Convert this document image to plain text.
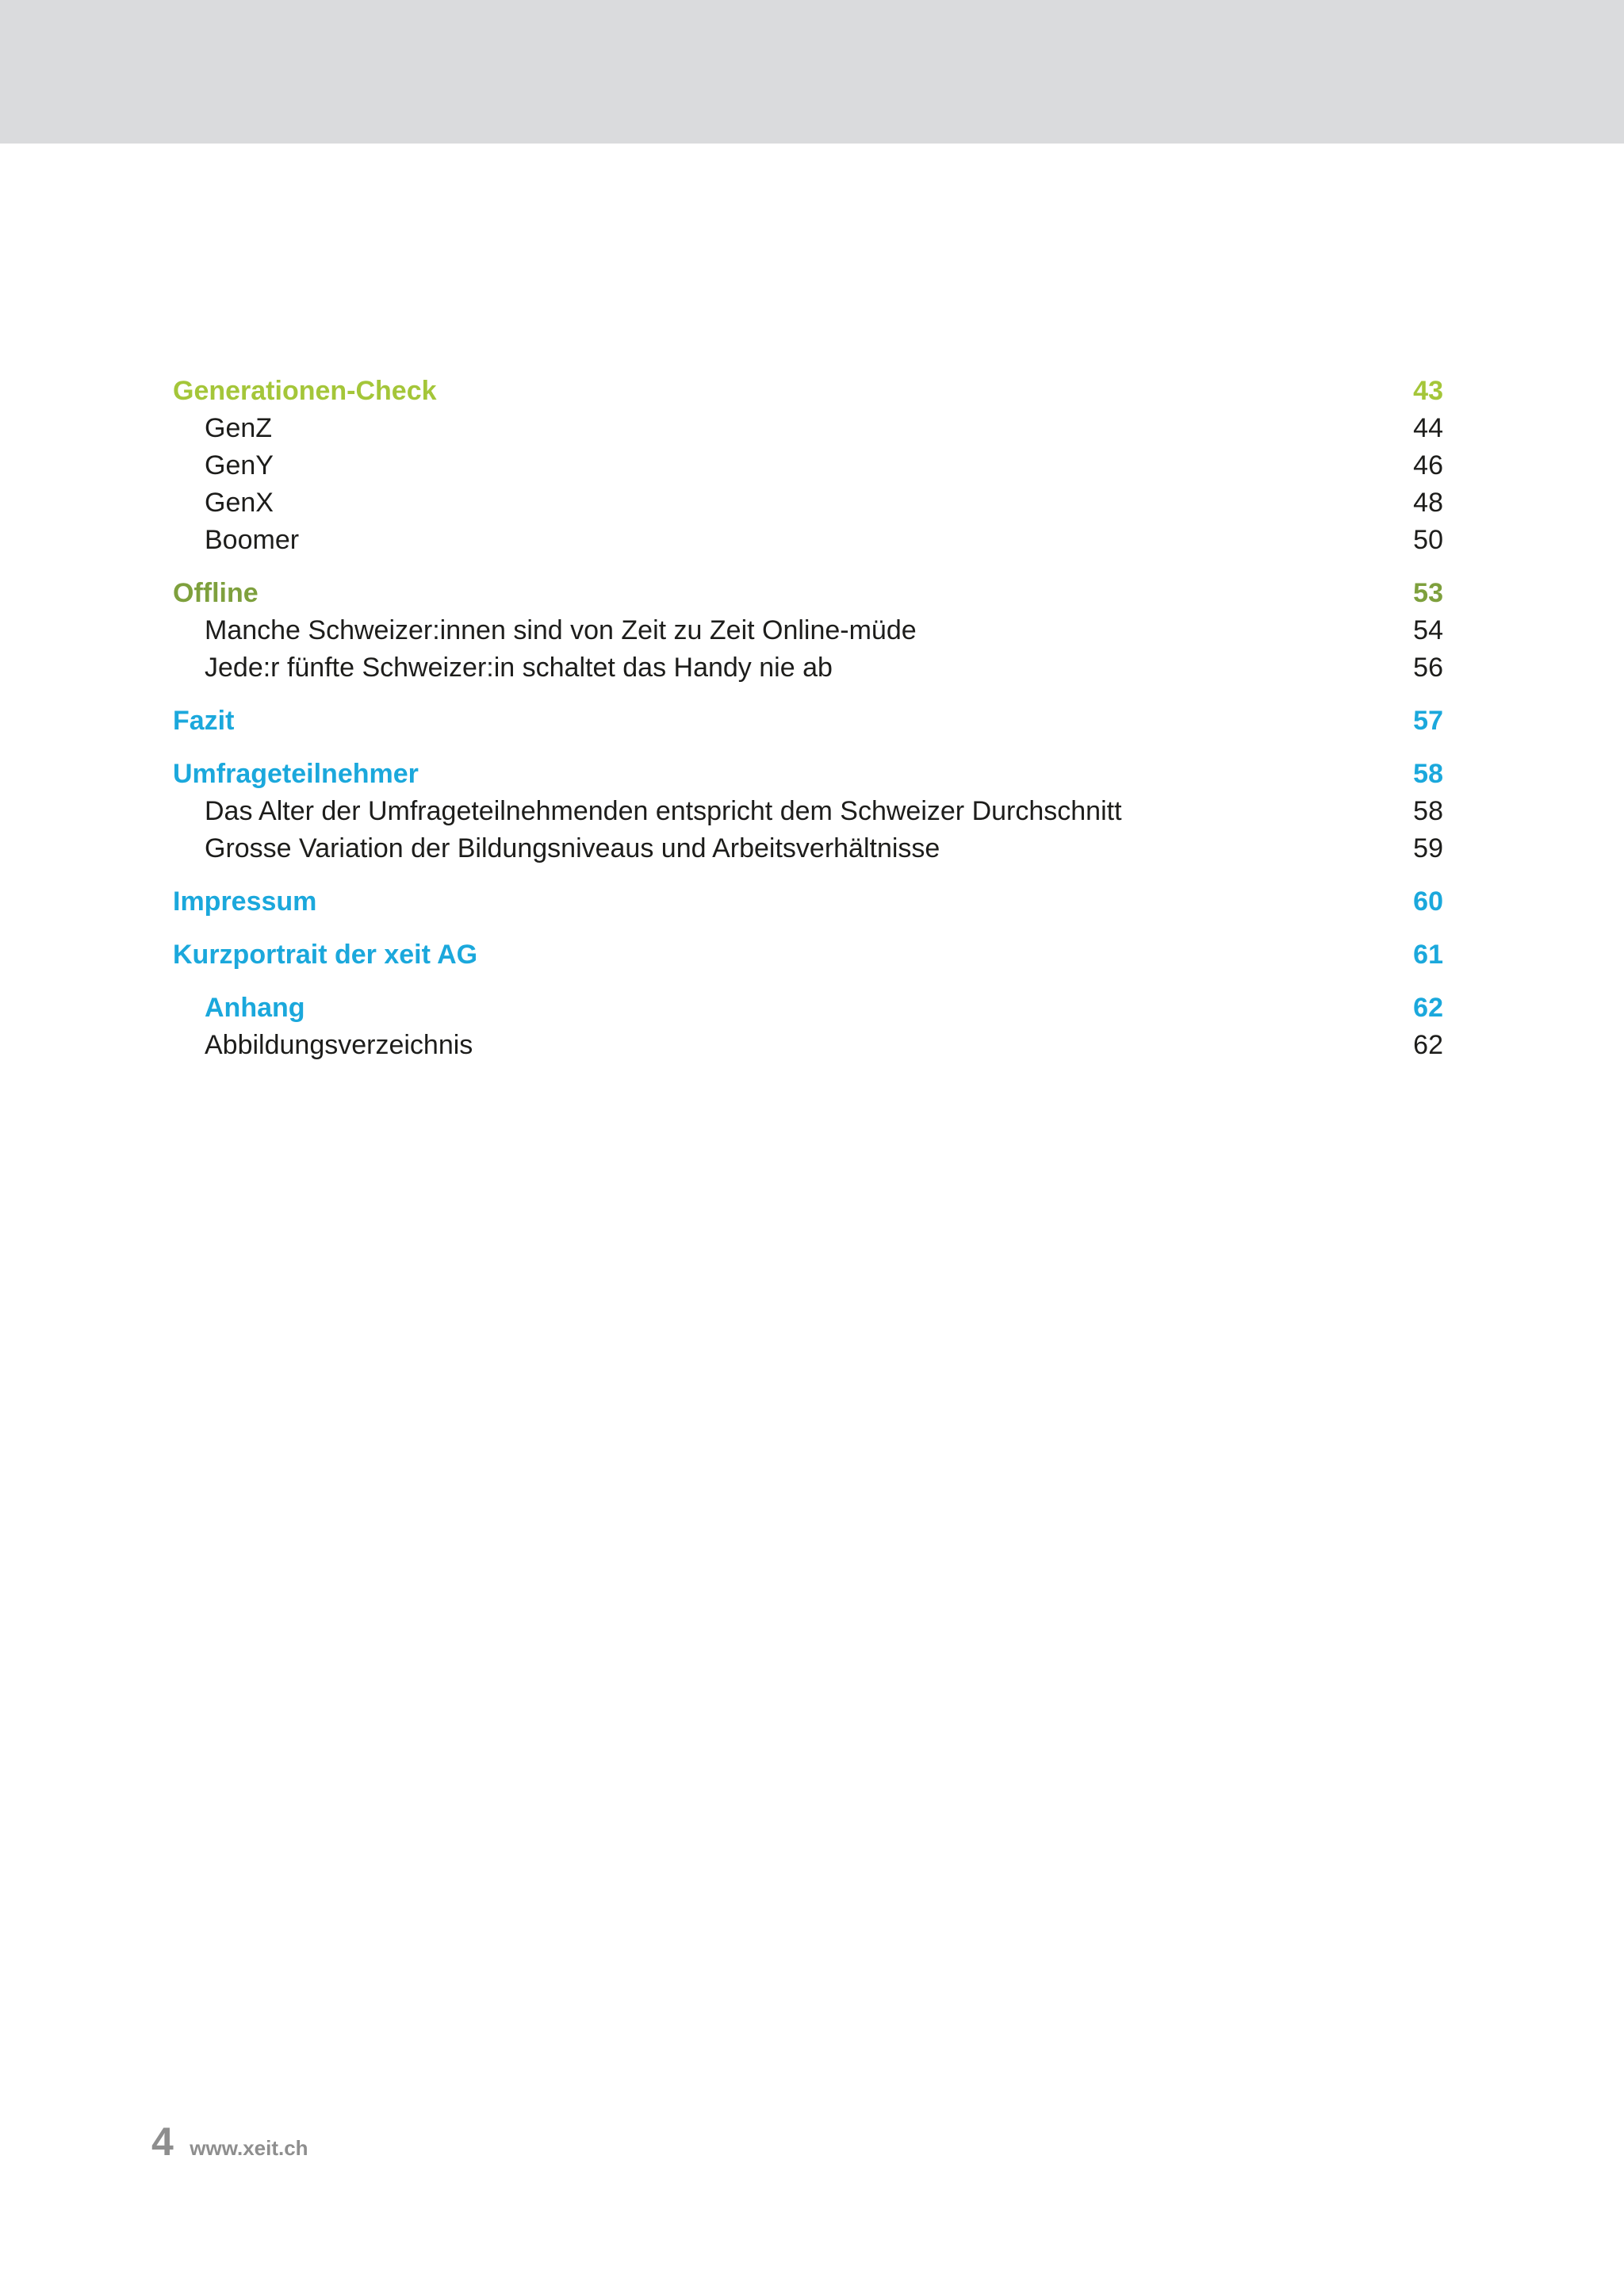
Generationen-Check	43
GenZ	44
GenY	46
GenX	48
Boomer	50
Offline	53
Manche Schweizer:innen sind von Zeit zu Zeit Online-müde	54
Jede:r fünfte Schweizer:in schaltet das Handy nie ab	56
Fazit	57
Umfrageteilnehmer	58
Das Alter der Umfrageteilnehmenden entspricht dem Schweizer Durchschnitt	58
Grosse Variation der Bildungsniveaus und Arbeitsverhältnisse	59
Impressum	60
Kurzportrait der xeit AG	61
Anhang	62
Abbildungsverzeichnis	62
4 www.xeit.ch
